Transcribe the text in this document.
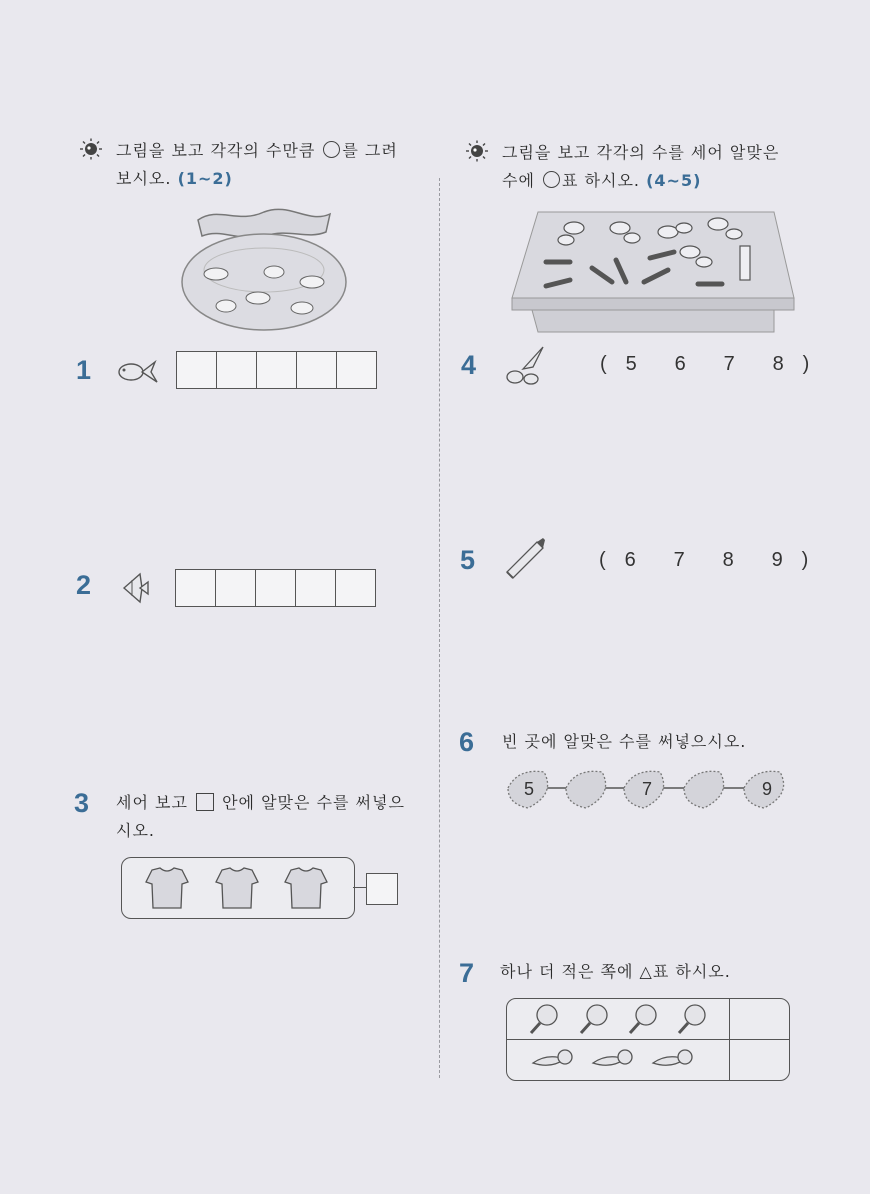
그림을 보고 각각의 수만큼 를 그려
보시오. (1~2)
1
2
3 세어 보고  안에 알맞은 수를 써넣으
시오.
그림을 보고 각각의 수를 세어 알맞은
수에 표 하시오. (4~5)
4	( 5	6	7	8 )
5	( 6	7	8	9 )
6 빈 곳에 알맞은 수를 써넣으시오.
5	7	9
7 하나 더 적은 쪽에 △표 하시오.
